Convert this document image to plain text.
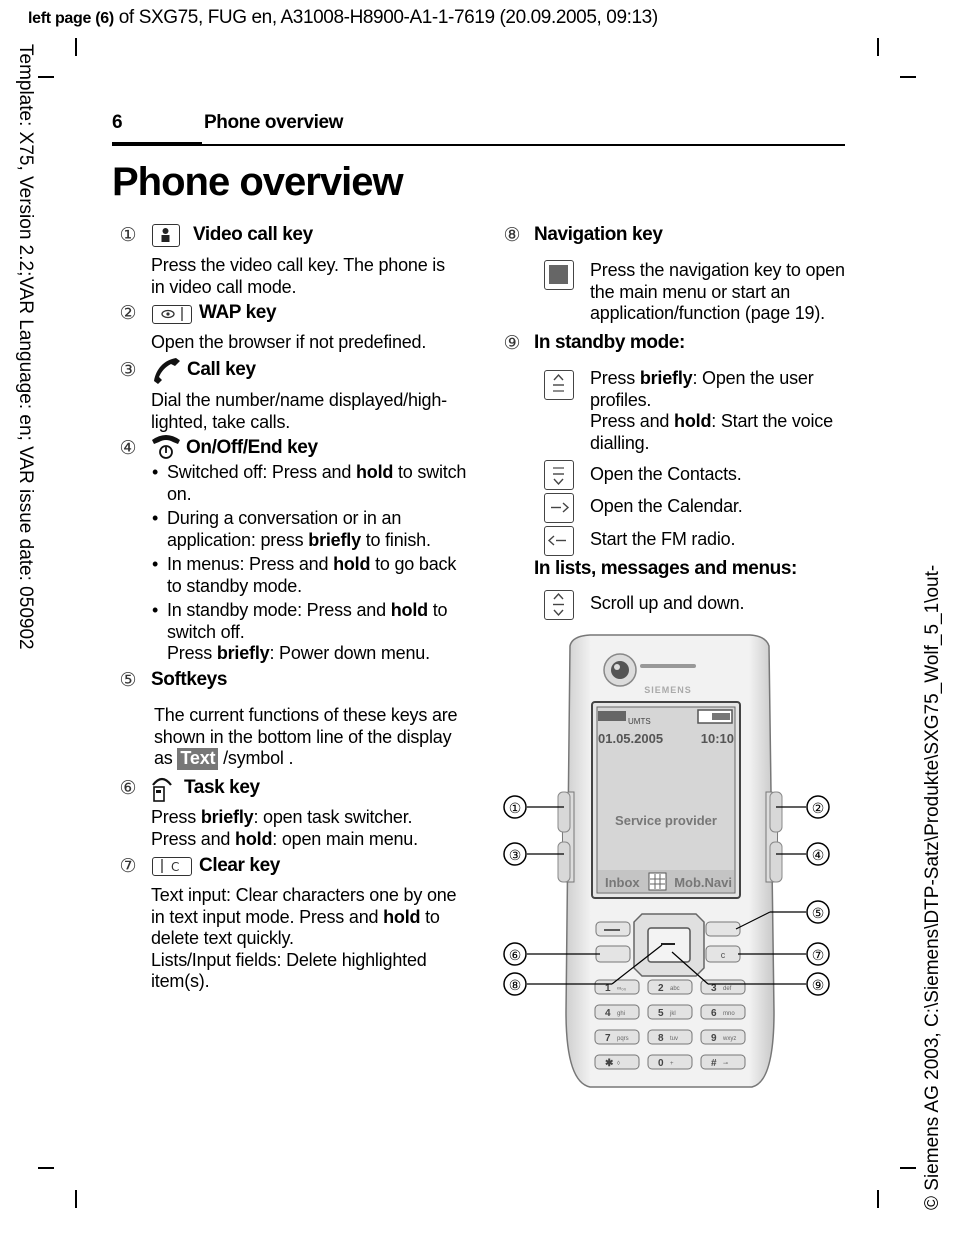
left page (6) of SXG75, FUG en, A31008-H8900-A1-1-7619 (20.09.2005, 09:13)
Template: X75, Version 2.2;VAR Language: en; VAR issue date: 050902
© Siemens AG 2003, C:\Siemens\DTP-Satz\Produkte\SXG75_Wolf_5_1\out-
6	Phone overview
Phone overview
①	Video call key
Press the video call key. The phone is in video call mode.
②	WAP key
Open the browser if not predefined.
③	Call key
Dial the number/name displayed/high-lighted, take calls.
④	On/Off/End key
• Switched off: Press and hold to switch on.
• During a conversation or in an application: press briefly to finish.
• In menus: Press and hold to go back to standby mode.
• In standby mode: Press and hold to switch off.
Press briefly: Power down menu.
⑤ Softkeys
The current functions of these keys are shown in the bottom line of the display as Text /symbol .
⑥ Task key

Press briefly: open task switcher.

Press and hold: open main menu.

⑦	C Clear key

Text input: Clear characters one by one in text input mode. Press and hold to delete text quickly.

Lists/Input fields: Delete highlighted item(s).

⑧ Navigation key
Press the navigation key to open the main menu or start an application/function (page 19).
⑨ In standby mode:

Press briefly: Open the user profiles.

Press and hold: Start the voice dialling.

Open the Contacts.
Open the Calendar.
Start the FM radio.
In lists, messages and menus:
Scroll up and down.
SIEMENS
UMTS
01.05.2005	10:10
Service provider
Inbox	Mob.Navi
c
1 ∞₀₀	2 abc	3 def
4 ghi	5 jkl	6 mno
7 pqrs	8 tuv	9 wxyz
✱ ◊	0 +	# ⊸
①	②
③	④
⑤
⑥	⑦
⑧	⑨
